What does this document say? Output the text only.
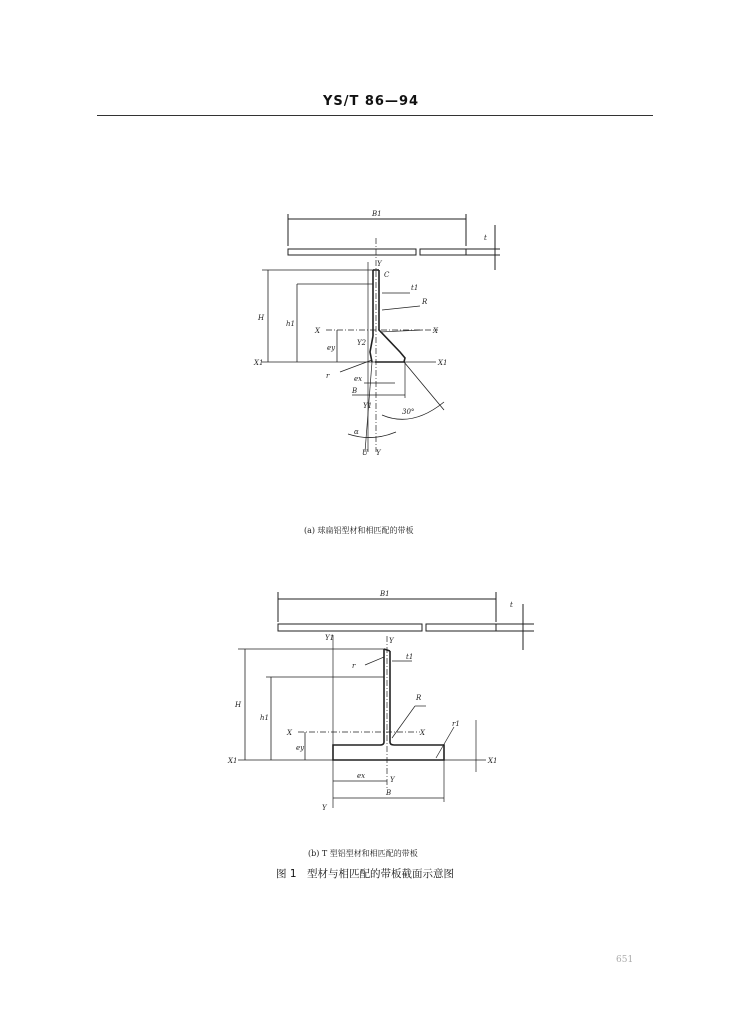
YS/T 86—94
B1
t
Y
C
t1
R
H
h1
X	X
ey
Y2
X1	X1
r	ex
B
Y1
30°
α
U Y
B1
t
Y1	Y
r
t1
H
h1
R
X	X
r1
ey
X1	X1
ex	Y
B
Y
(a) 球扁铝型材和相匹配的带板
(b) T 型铝型材和相匹配的带板
图 1　型材与相匹配的带板截面示意图
651
